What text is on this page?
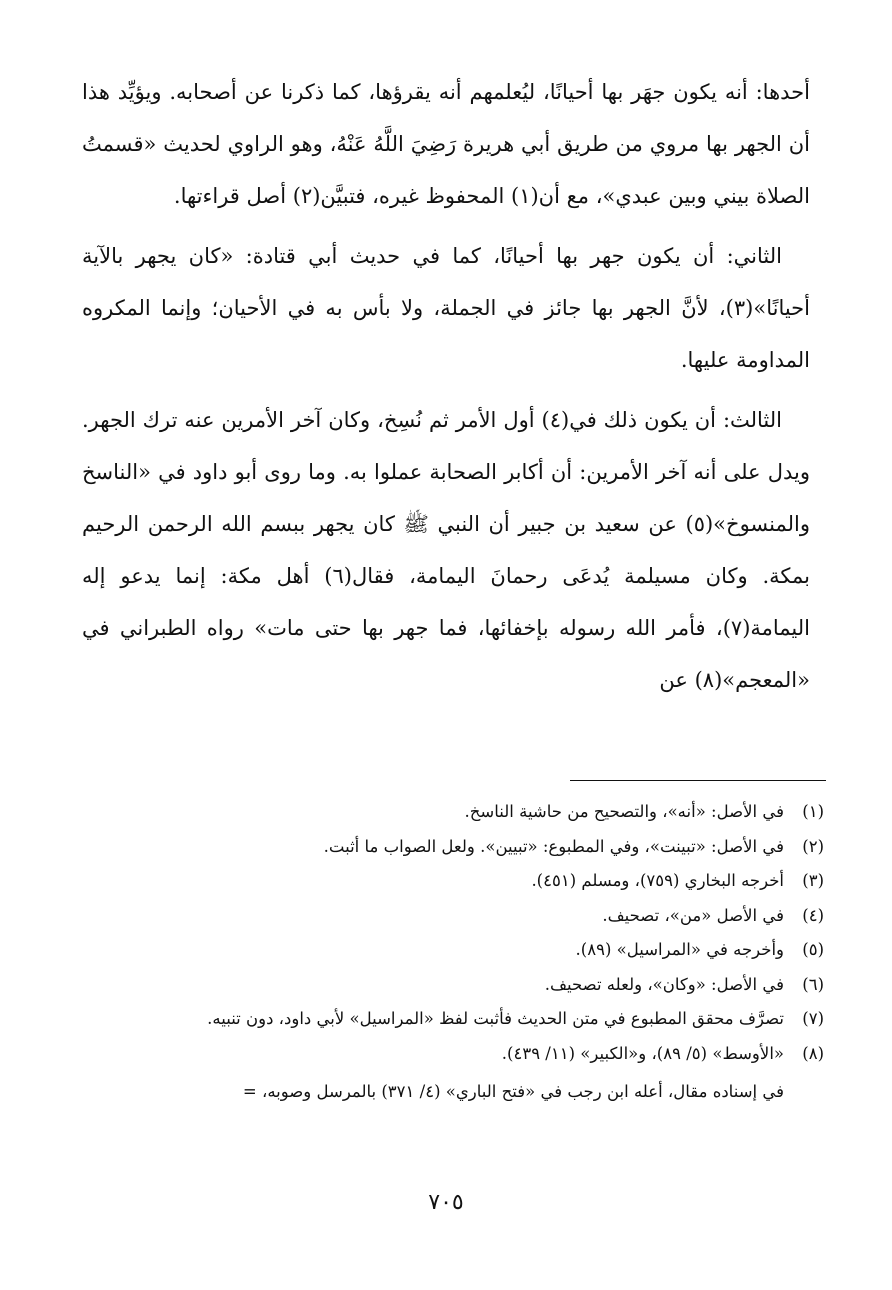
أحدها: أنه يكون جهَر بها أحيانًا، ليُعلمهم أنه يقرؤها، كما ذكرنا عن أصحابه. ويؤيِّد هذا أن الجهر بها مروي من طريق أبي هريرة رَضِيَ اللَّهُ عَنْهُ، وهو الراوي لحديث «قسمتُ الصلاة بيني وبين عبدي»، مع أن(١) المحفوظ غيره، فتبيَّن(٢) أصل قراءتها.

الثاني: أن يكون جهر بها أحيانًا، كما في حديث أبي قتادة: «كان يجهر بالآية أحيانًا»(٣)، لأنَّ الجهر بها جائز في الجملة، ولا بأس به في الأحيان؛ وإنما المكروه المداومة عليها.

الثالث: أن يكون ذلك في(٤) أول الأمر ثم نُسِخ، وكان آخر الأمرين عنه ترك الجهر. ويدل على أنه آخر الأمرين: أن أكابر الصحابة عملوا به. وما روى أبو داود في «الناسخ والمنسوخ»(٥) عن سعيد بن جبير أن النبي ﷺ كان يجهر ببسم الله الرحمن الرحيم بمكة. وكان مسيلمة يُدعَى رحمانَ اليمامة، فقال(٦) أهل مكة: إنما يدعو إله اليمامة(٧)، فأمر الله رسوله بإخفائها، فما جهر بها حتى مات» رواه الطبراني في «المعجم»(٨) عن

(١)في الأصل: «أنه»، والتصحيح من حاشية الناسخ.
(٢)في الأصل: «تبينت»، وفي المطبوع: «تبيين». ولعل الصواب ما أثبت.
(٣)أخرجه البخاري (٧٥٩)، ومسلم (٤٥١).
(٤)في الأصل «من»، تصحيف.
(٥)وأخرجه في «المراسيل» (٨٩).
(٦)في الأصل: «وكان»، ولعله تصحيف.
(٧)تصرَّف محقق المطبوع في متن الحديث فأثبت لفظ «المراسيل» لأبي داود، دون تنبيه.
(٨)«الأوسط» (٥/ ٨٩)، و«الكبير» (١١/ ٤٣٩).
في إسناده مقال، أعله ابن رجب في «فتح الباري» (٤/ ٣٧١) بالمرسل وصوبه، =
٧٠٥
